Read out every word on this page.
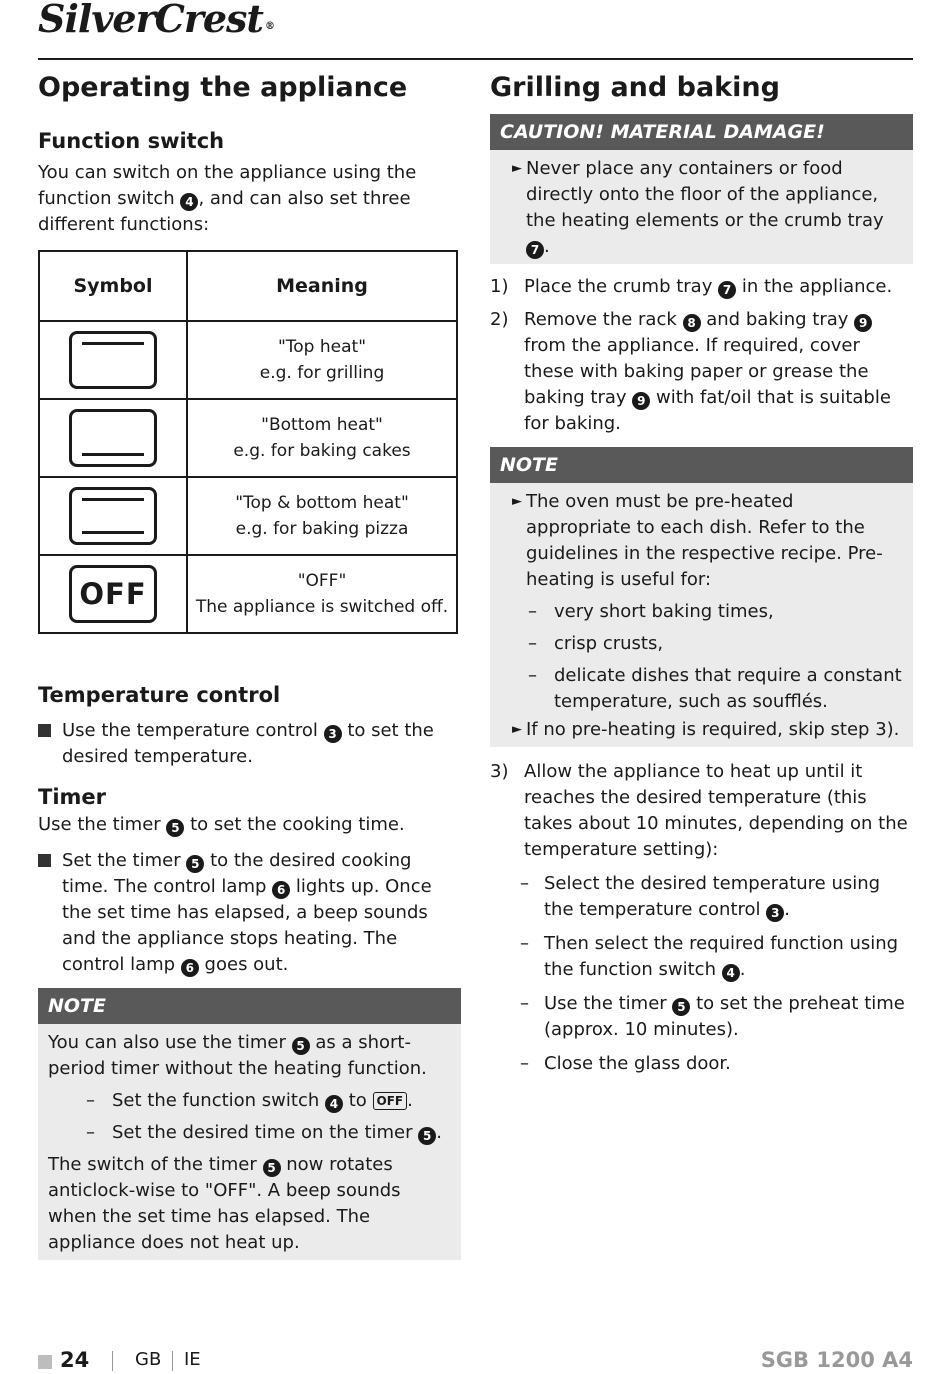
SilverCrest ®
Operating the appliance
Function switch

You can switch on the appliance using the function switch 4 , and can also set three different functions:

Symbol	Meaning

	"Top heat"
e.g. for grilling

	"Bottom heat"
e.g. for baking cakes

	"Top & bottom heat"
e.g. for baking pizza

OFF	"OFF"
The appliance is switched off.
Temperature control

Use the temperature control 3 to set the desired temperature.

Timer

Use the timer 5 to set the cooking time.

Set the timer 5 to the desired cooking time. The control lamp 6 lights up. Once the set time has elapsed, a beep sounds and the appliance stops heating. The control lamp 6 goes out.

NOTE

You can also use the timer 5 as a short-period timer without the heating function.

– Set the function switch 4 to OFF .

– Set the desired time on the timer 5 .

The switch of the timer 5 now rotates anticlock-wise to "OFF". A beep sounds when the set time has elapsed. The appliance does not heat up.

Grilling and baking
CAUTION! MATERIAL DAMAGE!

► Never place any containers or food directly onto the floor of the appliance, the heating elements or the crumb tray 7 .

1) Place the crumb tray 7 in the appliance.

2) Remove the rack 8 and baking tray 9 from the appliance. If required, cover these with baking paper or grease the baking tray 9 with fat/oil that is suitable for baking.

NOTE

► The oven must be pre-heated appropriate to each dish. Refer to the guidelines in the respective recipe. Pre-heating is useful for:

– very short baking times,

– crisp crusts,

– delicate dishes that require a constant temperature, such as soufflés.

► If no pre-heating is required, skip step 3).

3) Allow the appliance to heat up until it reaches the desired temperature (this takes about 10 minutes, depending on the temperature setting):

– Select the desired temperature using the temperature control 3 .

– Then select the required function using the function switch 4 .

– Use the timer 5 to set the preheat time (approx. 10 minutes).

– Close the glass door.

24	GB IE	SGB 1200 A4
